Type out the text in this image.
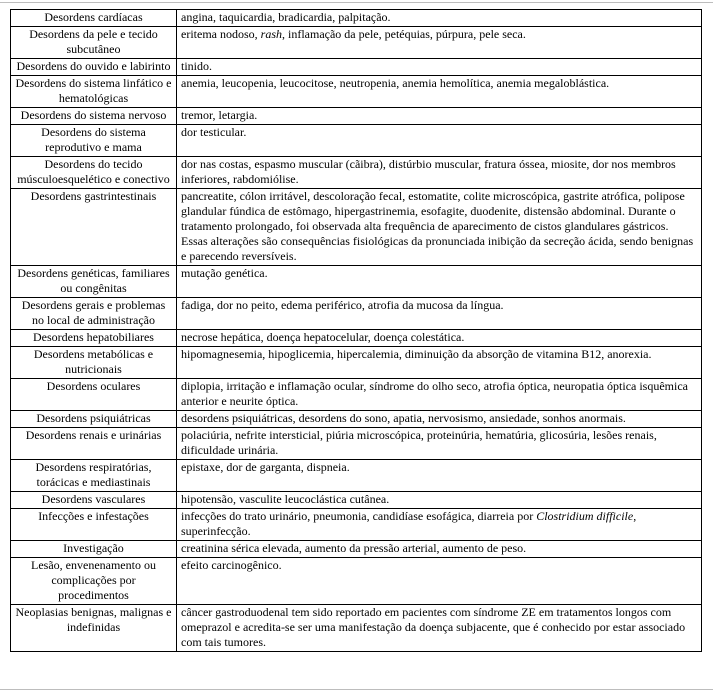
Desordens cardíacas	angina, taquicardia, bradicardia, palpitação.
Desordens da pele e tecido subcutâneo	eritema nodoso, rash, inflamação da pele, petéquias, púrpura, pele seca.
Desordens do ouvido e labirinto	tinido.
Desordens do sistema linfático e hematológicas	anemia, leucopenia, leucocitose, neutropenia, anemia hemolítica, anemia megaloblástica.
Desordens do sistema nervoso	tremor, letargia.
Desordens do sistema reprodutivo e mama	dor testicular.
Desordens do tecido músculoesquelético e conectivo	dor nas costas, espasmo muscular (cãibra), distúrbio muscular, fratura óssea, miosite, dor nos membros inferiores, rabdomiólise.
Desordens gastrintestinais	pancreatite, cólon irritável, descoloração fecal, estomatite, colite microscópica, gastrite atrófica, polipose glandular fúndica de estômago, hipergastrinemia, esofagite, duodenite, distensão abdominal. Durante o tratamento prolongado, foi observada alta frequência de aparecimento de cistos glandulares gástricos. Essas alterações são consequências fisiológicas da pronunciada inibição da secreção ácida, sendo benignas e parecendo reversíveis.
Desordens genéticas, familiares ou congênitas	mutação genética.
Desordens gerais e problemas no local de administração	fadiga, dor no peito, edema periférico, atrofia da mucosa da língua.
Desordens hepatobiliares	necrose hepática, doença hepatocelular, doença colestática.
Desordens metabólicas e nutricionais	hipomagnesemia, hipoglicemia, hipercalemia, diminuição da absorção de vitamina B12, anorexia.
Desordens oculares	diplopia, irritação e inflamação ocular, síndrome do olho seco, atrofia óptica, neuropatia óptica isquêmica anterior e neurite óptica.
Desordens psiquiátricas	desordens psiquiátricas, desordens do sono, apatia, nervosismo, ansiedade, sonhos anormais.
Desordens renais e urinárias	polaciúria, nefrite intersticial, piúria microscópica, proteinúria, hematúria, glicosúria, lesões renais, dificuldade urinária.
Desordens respiratórias, torácicas e mediastinais	epistaxe, dor de garganta, dispneia.
Desordens vasculares	hipotensão, vasculite leucoclástica cutânea.
Infecções e infestações	infecções do trato urinário, pneumonia, candidíase esofágica, diarreia por Clostridium difficile, superinfecção.
Investigação	creatinina sérica elevada, aumento da pressão arterial, aumento de peso.
Lesão, envenenamento ou complicações por procedimentos	efeito carcinogênico.
Neoplasias benignas, malignas e indefinidas	câncer gastroduodenal tem sido reportado em pacientes com síndrome ZE em tratamentos longos com omeprazol e acredita-se ser uma manifestação da doença subjacente, que é conhecido por estar associado com tais tumores.
